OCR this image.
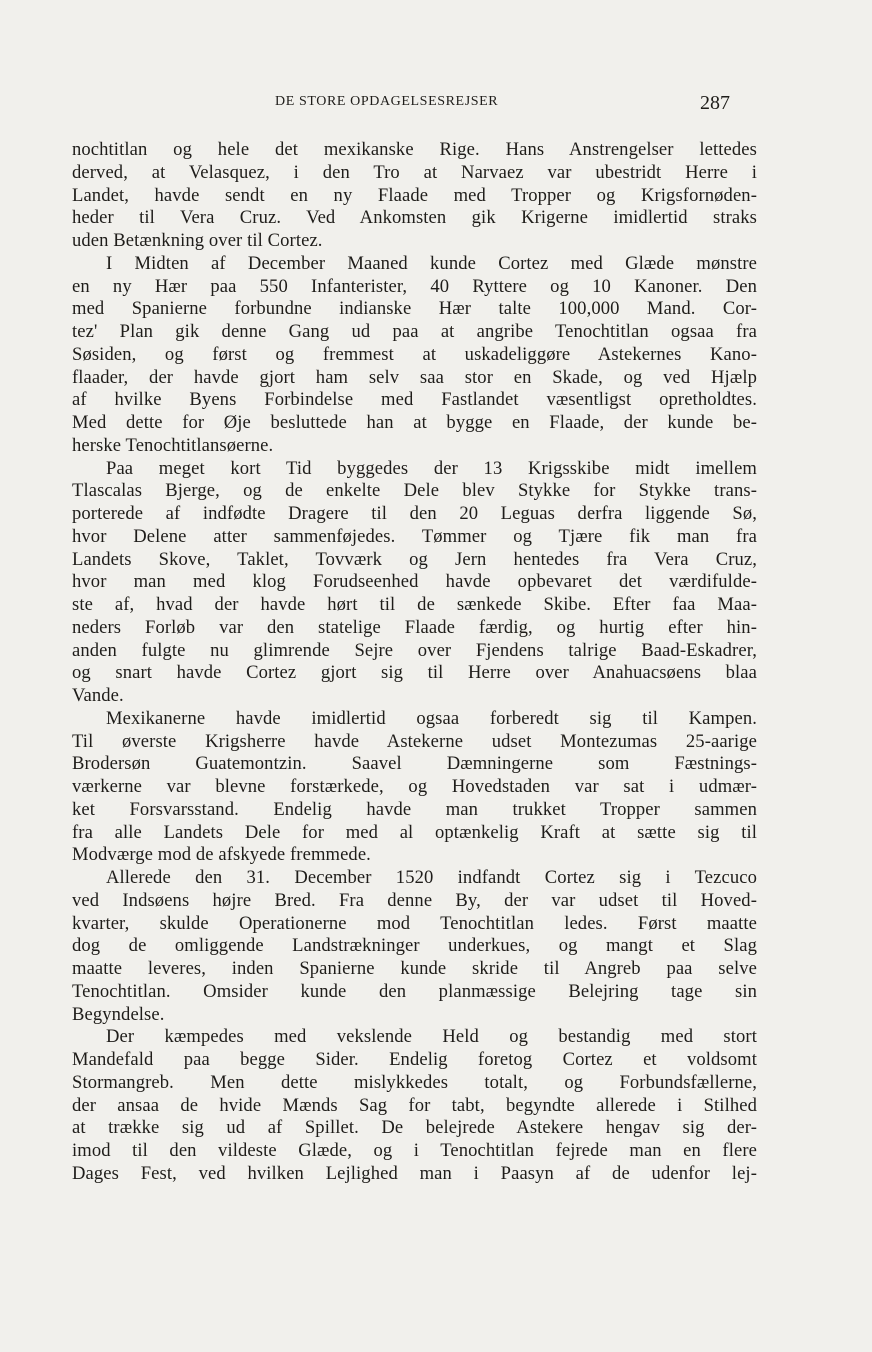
DE STORE OPDAGELSESREJSER	287
nochtitlan og hele det mexikanske Rige. Hans Anstrengelser lettedes
derved, at Velasquez, i den Tro at Narvaez var ubestridt Herre i
Landet, havde sendt en ny Flaade med Tropper og Krigsfornøden-
heder til Vera Cruz. Ved Ankomsten gik Krigerne imidlertid straks
uden Betænkning over til Cortez.
I Midten af December Maaned kunde Cortez med Glæde mønstre
en ny Hær paa 550 Infanterister, 40 Ryttere og 10 Kanoner. Den
med Spanierne forbundne indianske Hær talte 100,000 Mand. Cor-
tez' Plan gik denne Gang ud paa at angribe Tenochtitlan ogsaa fra
Søsiden, og først og fremmest at uskadeliggøre Astekernes Kano-
flaader, der havde gjort ham selv saa stor en Skade, og ved Hjælp
af hvilke Byens Forbindelse med Fastlandet væsentligst opretholdtes.
Med dette for Øje besluttede han at bygge en Flaade, der kunde be-
herske Tenochtitlansøerne.
Paa meget kort Tid byggedes der 13 Krigsskibe midt imellem
Tlascalas Bjerge, og de enkelte Dele blev Stykke for Stykke trans-
porterede af indfødte Dragere til den 20 Leguas derfra liggende Sø,
hvor Delene atter sammenføjedes. Tømmer og Tjære fik man fra
Landets Skove, Taklet, Tovværk og Jern hentedes fra Vera Cruz,
hvor man med klog Forudseenhed havde opbevaret det værdifulde-
ste af, hvad der havde hørt til de sænkede Skibe. Efter faa Maa-
neders Forløb var den statelige Flaade færdig, og hurtig efter hin-
anden fulgte nu glimrende Sejre over Fjendens talrige Baad-Eskadrer,
og snart havde Cortez gjort sig til Herre over Anahuacsøens blaa
Vande.
Mexikanerne havde imidlertid ogsaa forberedt sig til Kampen.
Til øverste Krigsherre havde Astekerne udset Montezumas 25-aarige
Brodersøn Guatemontzin. Saavel Dæmningerne som Fæstnings-
værkerne var blevne forstærkede, og Hovedstaden var sat i udmær-
ket Forsvarsstand. Endelig havde man trukket Tropper sammen
fra alle Landets Dele for med al optænkelig Kraft at sætte sig til
Modværge mod de afskyede fremmede.
Allerede den 31. December 1520 indfandt Cortez sig i Tezcuco
ved Indsøens højre Bred. Fra denne By, der var udset til Hoved-
kvarter, skulde Operationerne mod Tenochtitlan ledes. Først maatte
dog de omliggende Landstrækninger underkues, og mangt et Slag
maatte leveres, inden Spanierne kunde skride til Angreb paa selve
Tenochtitlan. Omsider kunde den planmæssige Belejring tage sin
Begyndelse.
Der kæmpedes med vekslende Held og bestandig med stort
Mandefald paa begge Sider. Endelig foretog Cortez et voldsomt
Stormangreb. Men dette mislykkedes totalt, og Forbundsfællerne,
der ansaa de hvide Mænds Sag for tabt, begyndte allerede i Stilhed
at trække sig ud af Spillet. De belejrede Astekere hengav sig der-
imod til den vildeste Glæde, og i Tenochtitlan fejrede man en flere
Dages Fest, ved hvilken Lejlighed man i Paasyn af de udenfor lej-
